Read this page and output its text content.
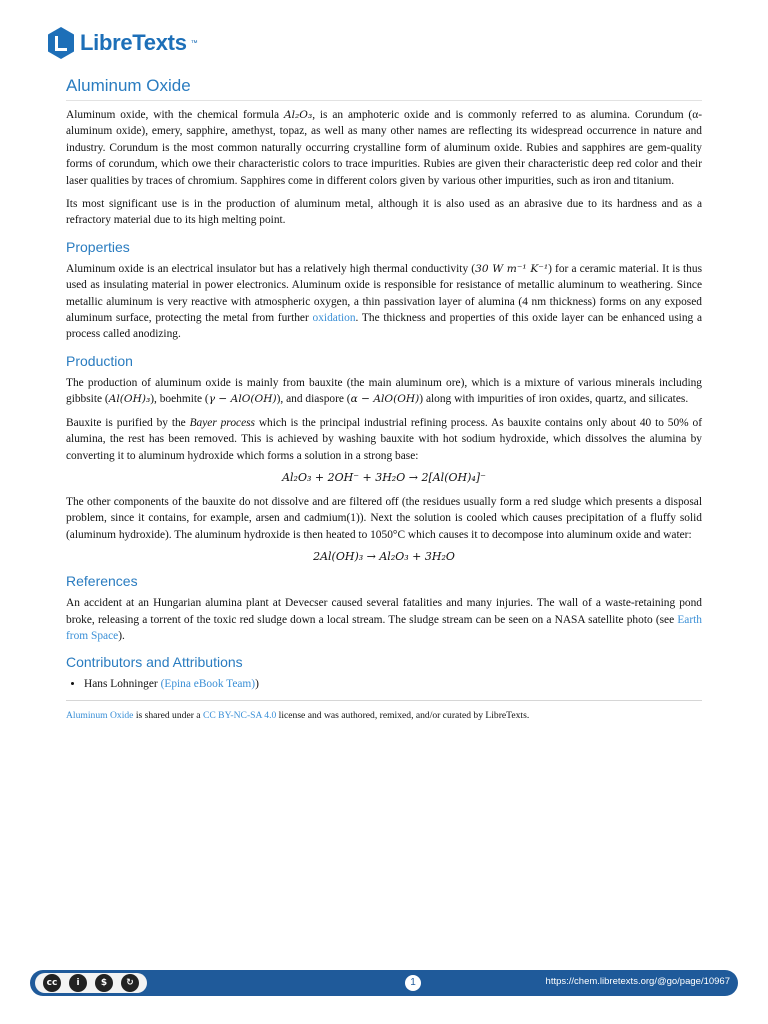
LibreTexts ™
Aluminum Oxide

Aluminum oxide, with the chemical formula Al₂O₃, is an amphoteric oxide and is commonly referred to as alumina. Corundum (α-aluminum oxide), emery, sapphire, amethyst, topaz, as well as many other names are reflecting its widespread occurrence in nature and industry. Corundum is the most common naturally occurring crystalline form of aluminum oxide. Rubies and sapphires are gem-quality forms of corundum, which owe their characteristic colors to trace impurities. Rubies are given their characteristic deep red color and their laser qualities by traces of chromium. Sapphires come in different colors given by various other impurities, such as iron and titanium.

Its most significant use is in the production of aluminum metal, although it is also used as an abrasive due to its hardness and as a refractory material due to its high melting point.

Properties

Aluminum oxide is an electrical insulator but has a relatively high thermal conductivity (30 W m⁻¹ K⁻¹) for a ceramic material. It is thus used as insulating material in power electronics. Aluminum oxide is responsible for resistance of metallic aluminum to weathering. Since metallic aluminum is very reactive with atmospheric oxygen, a thin passivation layer of alumina (4 nm thickness) forms on any exposed aluminum surface, protecting the metal from further oxidation. The thickness and properties of this oxide layer can be enhanced using a process called anodizing.

Production

The production of aluminum oxide is mainly from bauxite (the main aluminum ore), which is a mixture of various minerals including gibbsite (Al(OH)₃), boehmite (γ − AlO(OH)), and diaspore (α − AlO(OH)) along with impurities of iron oxides, quartz, and silicates.

Bauxite is purified by the Bayer process which is the principal industrial refining process. As bauxite contains only about 40 to 50% of alumina, the rest has been removed. This is achieved by washing bauxite with hot sodium hydroxide, which dissolves the alumina by converting it to aluminum hydroxide which forms a solution in a strong base:

Al₂O₃ + 2OH⁻ + 3H₂O → 2[Al(OH)₄]⁻

The other components of the bauxite do not dissolve and are filtered off (the residues usually form a red sludge which presents a disposal problem, since it contains, for example, arsen and cadmium(1)). Next the solution is cooled which causes precipitation of a fluffy solid (aluminum hydroxide). The aluminum hydroxide is then heated to 1050°C which causes it to decompose into aluminum oxide and water:

2Al(OH)₃ → Al₂O₃ + 3H₂O
References

An accident at an Hungarian alumina plant at Devecser caused several fatalities and many injuries. The wall of a waste-retaining pond broke, releasing a torrent of the toxic red sludge down a local stream. The sludge stream can be seen on a NASA satellite photo (see Earth from Space).

Contributors and Attributions
• Hans Lohninger (Epina eBook Team))
Aluminum Oxide is shared under a CC BY-NC-SA 4.0 license and was authored, remixed, and/or curated by LibreTexts.
cc	i	$	↻	1	https://chem.libretexts.org/@go/page/10967
